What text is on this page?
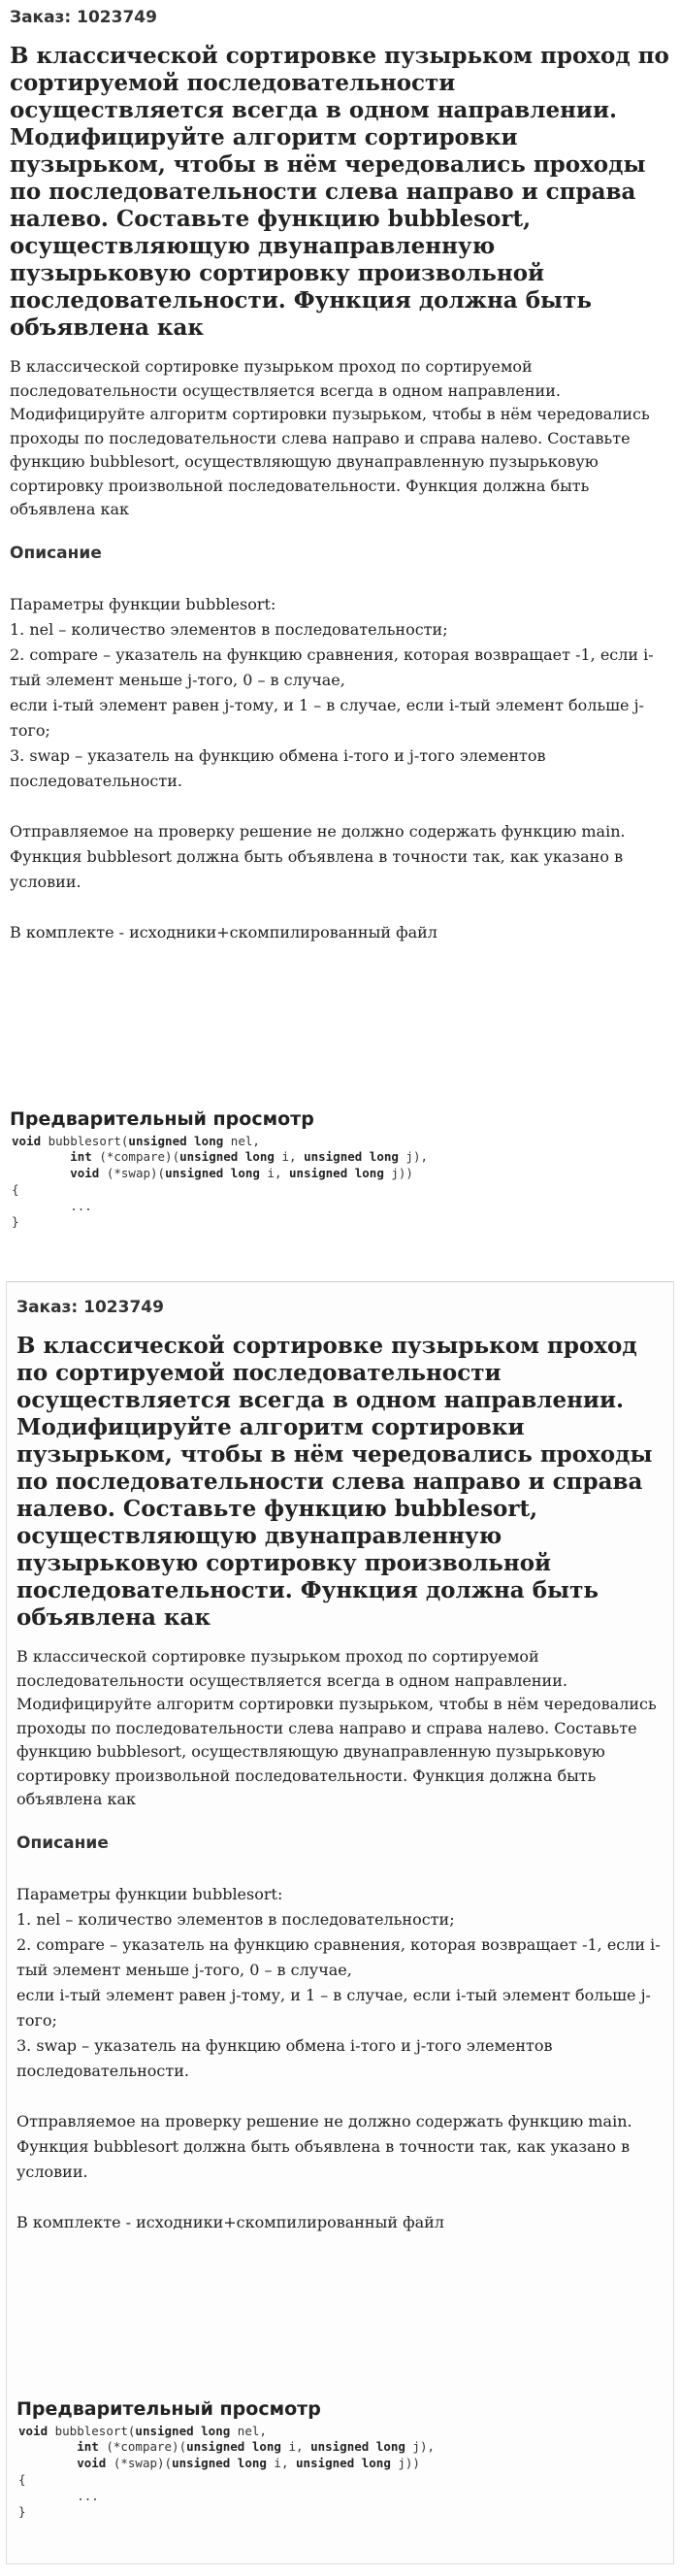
Заказ: 1023749
В классической сортировке пузырьком проход по сортируемой последовательности осуществляется всегда в одном направлении. Модифицируйте алгоритм сортировки пузырьком, чтобы в нём чередовались проходы по последовательности слева направо и справа налево. Составьте функцию bubblesort, осуществляющую двунаправленную пузырьковую сортировку произвольной последовательности. Функция должна быть объявлена как
В классической сортировке пузырьком проход по сортируемой последовательности осуществляется всегда в одном направлении. Модифицируйте алгоритм сортировки пузырьком, чтобы в нём чередовались проходы по последовательности слева направо и справа налево. Составьте функцию bubblesort, осуществляющую двунаправленную пузырьковую сортировку произвольной последовательности. Функция должна быть объявлена как
Описание
Параметры функции bubblesort:
1. nel – количество элементов в последовательности;
2. compare – указатель на функцию сравнения, которая возвращает -1, если i-тый элемент меньше j-того, 0 – в случае,
если i-тый элемент равен j-тому, и 1 – в случае, если i-тый элемент больше j-того;
3. swap – указатель на функцию обмена i-того и j-того элементов последовательности.
Отправляемое на проверку решение не должно содержать функцию main. Функция bubblesort должна быть объявлена в точности так, как указано в условии.
В комплекте - исходники+скомпилированный файл
Предварительный просмотр
void bubblesort(unsigned long nel,
int (*compare)(unsigned long i, unsigned long j),
void (*swap)(unsigned long i, unsigned long j))
{
...
}
Заказ: 1023749
В классической сортировке пузырьком проход по сортируемой последовательности осуществляется всегда в одном направлении. Модифицируйте алгоритм сортировки пузырьком, чтобы в нём чередовались проходы по последовательности слева направо и справа налево. Составьте функцию bubblesort, осуществляющую двунаправленную пузырьковую сортировку произвольной последовательности. Функция должна быть объявлена как
В классической сортировке пузырьком проход по сортируемой последовательности осуществляется всегда в одном направлении. Модифицируйте алгоритм сортировки пузырьком, чтобы в нём чередовались проходы по последовательности слева направо и справа налево. Составьте функцию bubblesort, осуществляющую двунаправленную пузырьковую сортировку произвольной последовательности. Функция должна быть объявлена как
Описание
Параметры функции bubblesort:
1. nel – количество элементов в последовательности;
2. compare – указатель на функцию сравнения, которая возвращает -1, если i-тый элемент меньше j-того, 0 – в случае,
если i-тый элемент равен j-тому, и 1 – в случае, если i-тый элемент больше j-того;
3. swap – указатель на функцию обмена i-того и j-того элементов последовательности.
Отправляемое на проверку решение не должно содержать функцию main. Функция bubblesort должна быть объявлена в точности так, как указано в условии.
В комплекте - исходники+скомпилированный файл
Предварительный просмотр
void bubblesort(unsigned long nel,
int (*compare)(unsigned long i, unsigned long j),
void (*swap)(unsigned long i, unsigned long j))
{
...
}
